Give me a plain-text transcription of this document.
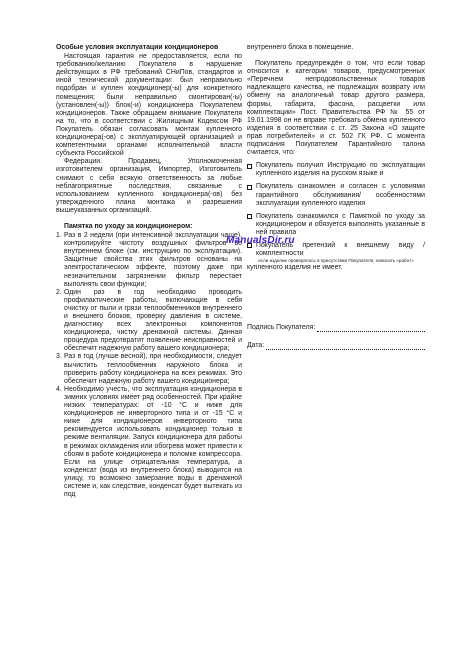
Особые условия эксплуатации кондиционеров

Настоящая гарантия не предоставляется, если по требованию/желанию Покупателя в нарушение действующих в РФ требований СНиПов, стандартов и иной технической документации: был неправильно подобран и куплен кондиционер(-ы) для конкретного помещения; были неправильно смонтирован(-ы) (установлен(-ы)) блок(-и) кондиционера Покупателем кондиционеров. Также обращаем внимание Покупателя на то, что в соответствии с Жилищным Кодексом РФ Покупатель обязан согласовать монтаж купленного кондиционера(-ов) с эксплуатирующей организацией и компетентными органами исполнительной власти субъекта Российской

Федерации. Продавец, Уполномоченная изготовителем организация, Импортер, Изготовитель снимают с себя всякую ответственность за любые неблагоприятные последствия, связанные с использованием купленного кондиционера(-ов) без утвержденного плана монтажа и разрешения вышеуказанных организаций.

Памятка по уходу за кондиционером:

1. Раз в 2 недели (при интенсивной эксплуатации чаще), контролируйте чистоту воздушных фильтров во внутреннем блоке (см. инструкцию по эксплуатации). Защитные свойства этих фильтров основаны на электростатическом эффекте, поэтому даже при незначительном загрязнении фильтр перестает выполнять свои функции;
2. Один раз в год необходимо проводить профилактические работы, включающие в себя очистку от пыли и грязи теплообменников внутреннего и внешнего блоков, проверку давления в системе, диагностику всех электронных компонентов кондиционера, чистку дренажной системы. Данная процедура предотвратит появление неисправностей и обеспечит надежную работу вашего кондиционера;
3. Раз в год (лучше весной), при необходимости, следует вычистить теплообменник наружного блока и проверить работу кондиционера на всех режимах. Это обеспечит надежную работу вашего кондиционера;
4. Необходимо учесть, что эксплуатация кондиционера в зимних условиях имеет ряд особенностей. При крайне низких температурах: от -10 °С и ниже для кондиционеров не инверторного типа и от -15 °С и ниже для кондиционеров инверторного типа рекомендуется использовать кондиционер только в режиме вентиляции. Запуск кондиционера для работы в режимах охлаждения или обогрева может привести к сбоям в работе кондиционера и поломке компрессора. Если на улице отрицательная температура, а конденсат (вода из внутреннего блока) выводится на улицу, то возможно замерзание воды в дренажной системе и, как следствие, конденсат будет вытекать из под

внутреннего блока в помещение.

Покупатель предупреждён о том, что если товар относится к категории товаров, предусмотренных «Перечнем непродовольственных товаров надлежащего качества, не подлежащих возврату или обмену на аналогичный товар другого размера, формы, габарита, фасона, расцветки или комплектации» Пост. Правительства РФ № 55 от 19.01.1998 он не вправе требовать обмена купленного изделия в соответствии с ст. 25 Закона «О защите прав потребителей» и ст. 502 ГК РФ. С момента подписания Покупателем Гарантийного талона считается, что:

Покупатель получил Инструкцию по эксплуатации купленного изделия на русском языке и
Покупатель ознакомлен и согласен с условиями гарантийного обслуживания/ особенностями эксплуатации купленного изделия
Покупатель ознакомился с Памяткой по уходу за кондиционером и обязуется выполнять указанные в ней правила
Покупатель претензий к внешнему виду /комплектности
если изделие проверялось в присутствии Покупателя, написать «работ»

купленного изделия не имеет.

Подпись Покупателя:
Дата:
ManualsDir.ru
